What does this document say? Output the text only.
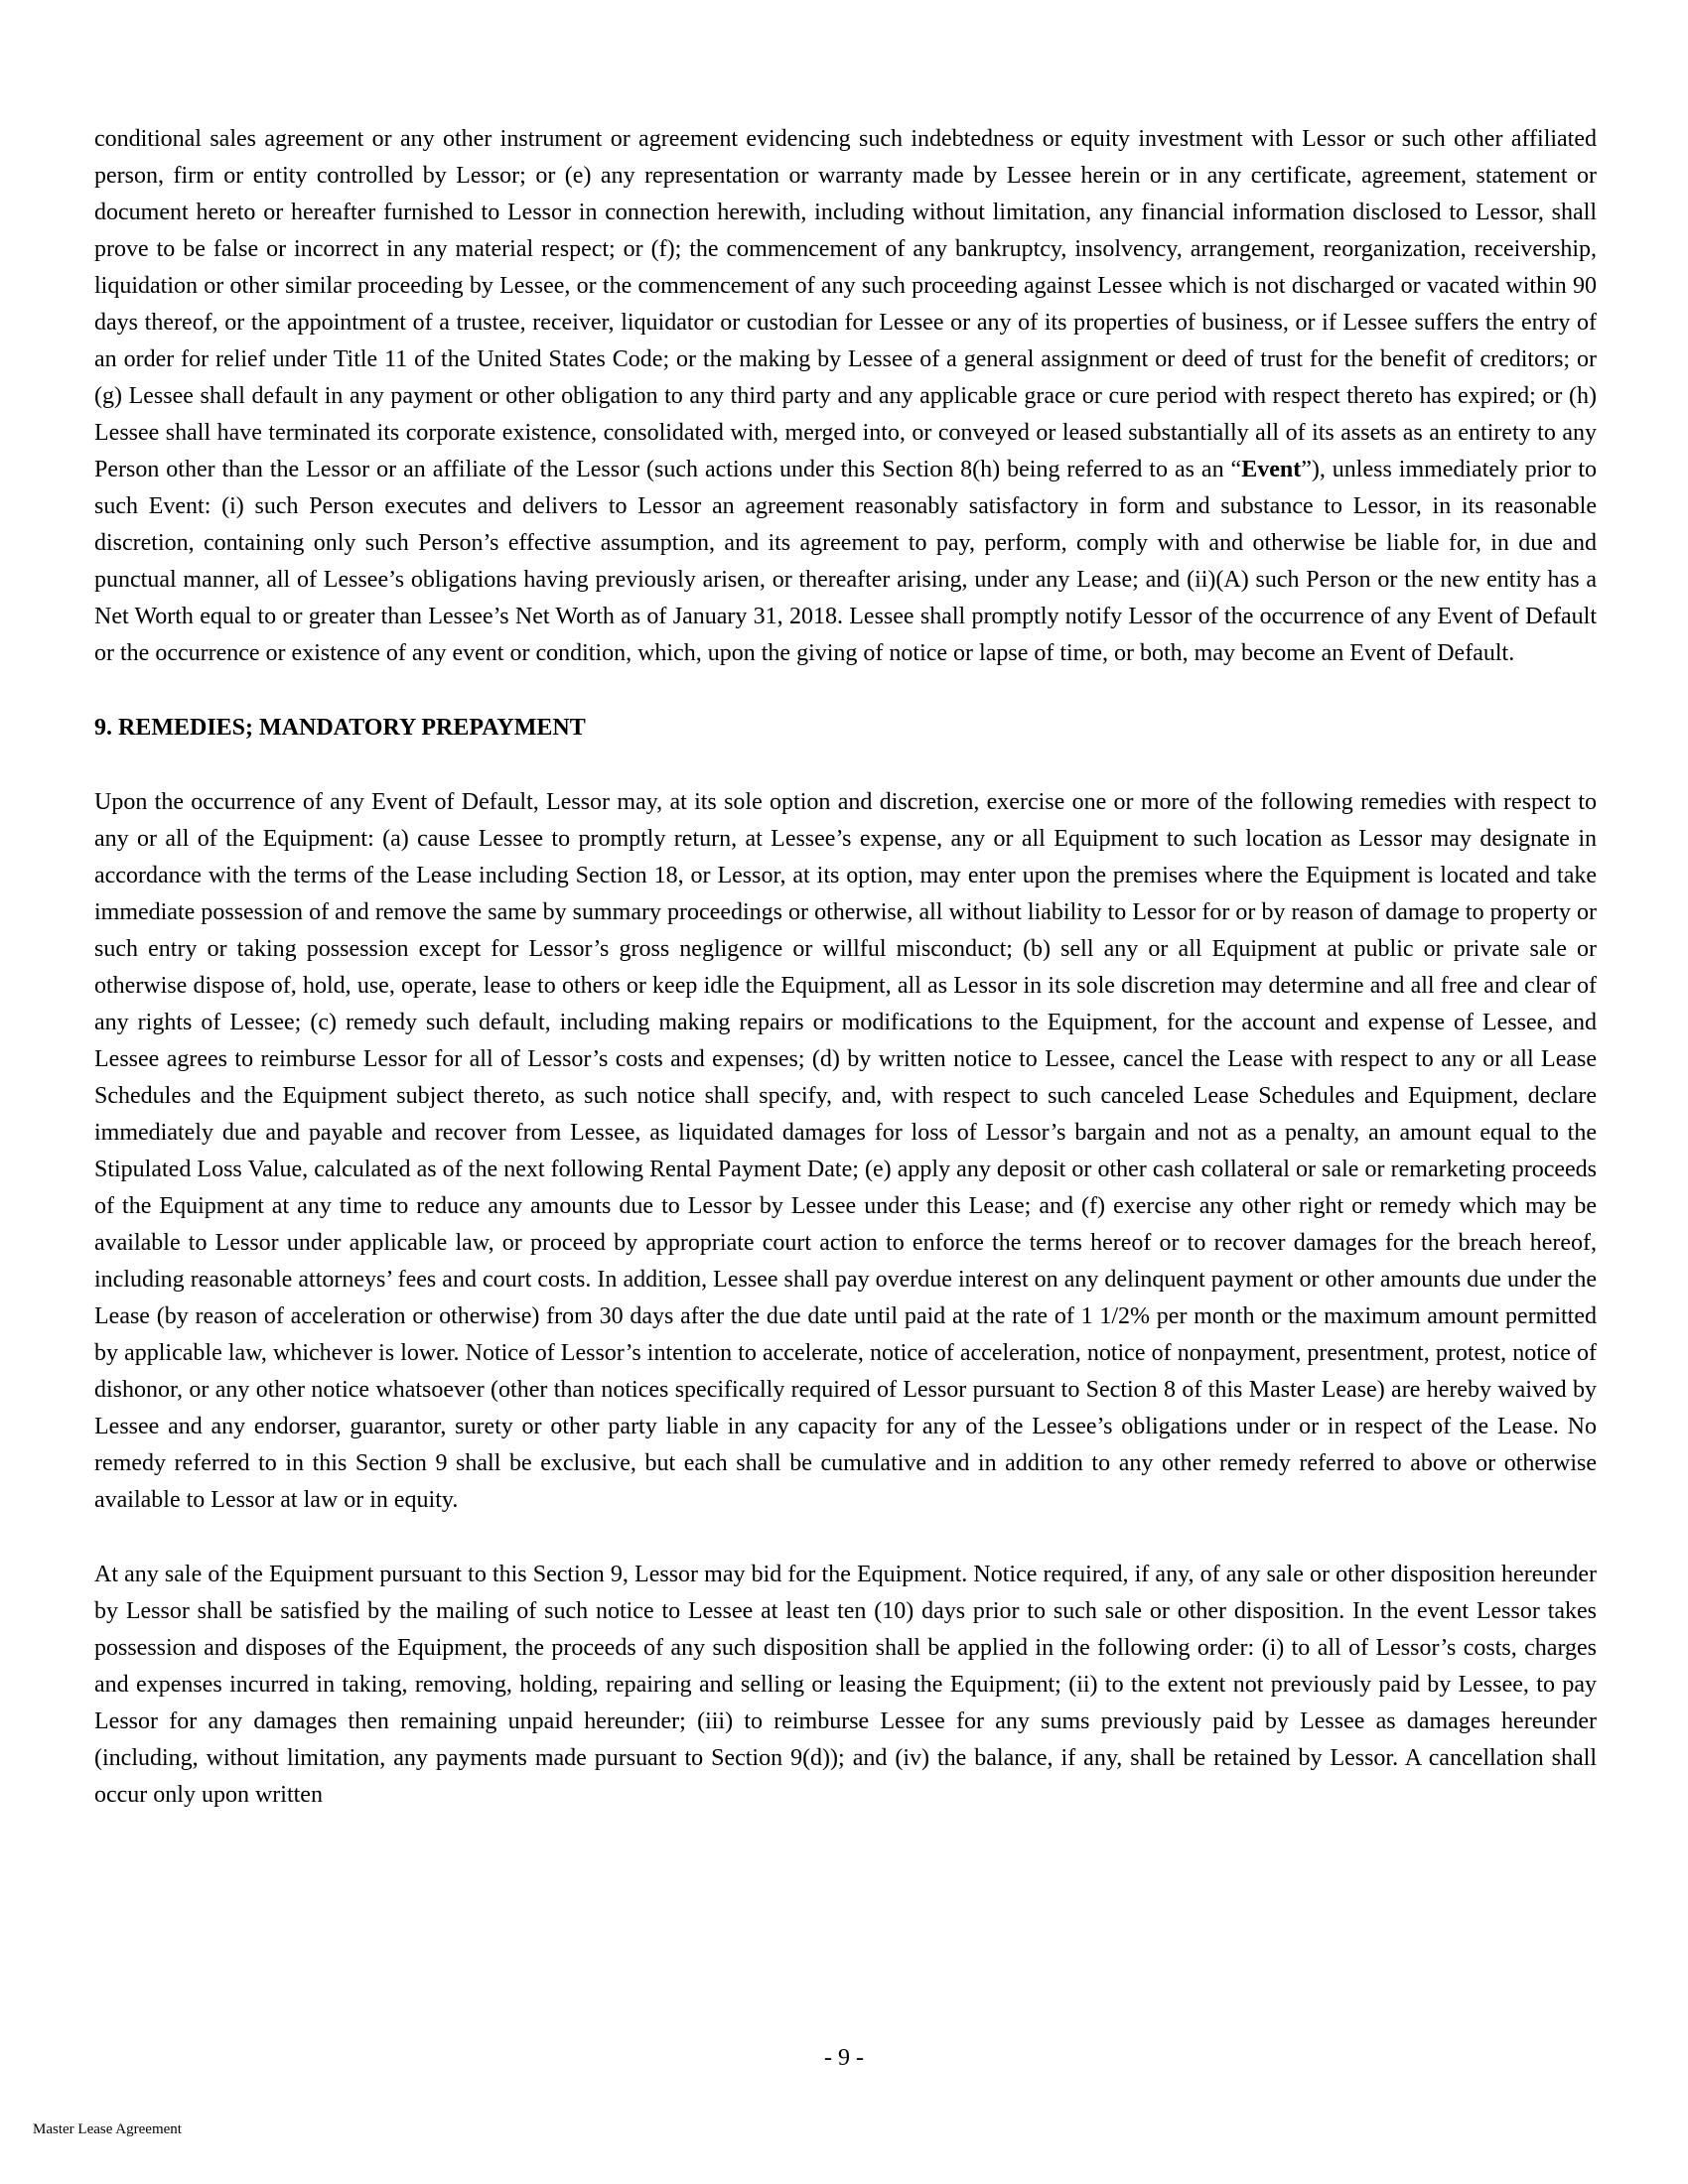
conditional sales agreement or any other instrument or agreement evidencing such indebtedness or equity investment with Lessor or such other affiliated person, firm or entity controlled by Lessor; or (e) any representation or warranty made by Lessee herein or in any certificate, agreement, statement or document hereto or hereafter furnished to Lessor in connection herewith, including without limitation, any financial information disclosed to Lessor, shall prove to be false or incorrect in any material respect; or (f); the commencement of any bankruptcy, insolvency, arrangement, reorganization, receivership, liquidation or other similar proceeding by Lessee, or the commencement of any such proceeding against Lessee which is not discharged or vacated within 90 days thereof, or the appointment of a trustee, receiver, liquidator or custodian for Lessee or any of its properties of business, or if Lessee suffers the entry of an order for relief under Title 11 of the United States Code; or the making by Lessee of a general assignment or deed of trust for the benefit of creditors; or (g) Lessee shall default in any payment or other obligation to any third party and any applicable grace or cure period with respect thereto has expired; or (h) Lessee shall have terminated its corporate existence, consolidated with, merged into, or conveyed or leased substantially all of its assets as an entirety to any Person other than the Lessor or an affiliate of the Lessor (such actions under this Section 8(h) being referred to as an “Event”), unless immediately prior to such Event: (i) such Person executes and delivers to Lessor an agreement reasonably satisfactory in form and substance to Lessor, in its reasonable discretion, containing only such Person’s effective assumption, and its agreement to pay, perform, comply with and otherwise be liable for, in due and punctual manner, all of Lessee’s obligations having previously arisen, or thereafter arising, under any Lease; and (ii)(A) such Person or the new entity has a Net Worth equal to or greater than Lessee’s Net Worth as of January 31, 2018. Lessee shall promptly notify Lessor of the occurrence of any Event of Default or the occurrence or existence of any event or condition, which, upon the giving of notice or lapse of time, or both, may become an Event of Default.

9. REMEDIES; MANDATORY PREPAYMENT

Upon the occurrence of any Event of Default, Lessor may, at its sole option and discretion, exercise one or more of the following remedies with respect to any or all of the Equipment: (a) cause Lessee to promptly return, at Lessee’s expense, any or all Equipment to such location as Lessor may designate in accordance with the terms of the Lease including Section 18, or Lessor, at its option, may enter upon the premises where the Equipment is located and take immediate possession of and remove the same by summary proceedings or otherwise, all without liability to Lessor for or by reason of damage to property or such entry or taking possession except for Lessor’s gross negligence or willful misconduct; (b) sell any or all Equipment at public or private sale or otherwise dispose of, hold, use, operate, lease to others or keep idle the Equipment, all as Lessor in its sole discretion may determine and all free and clear of any rights of Lessee; (c) remedy such default, including making repairs or modifications to the Equipment, for the account and expense of Lessee, and Lessee agrees to reimburse Lessor for all of Lessor’s costs and expenses; (d) by written notice to Lessee, cancel the Lease with respect to any or all Lease Schedules and the Equipment subject thereto, as such notice shall specify, and, with respect to such canceled Lease Schedules and Equipment, declare immediately due and payable and recover from Lessee, as liquidated damages for loss of Lessor’s bargain and not as a penalty, an amount equal to the Stipulated Loss Value, calculated as of the next following Rental Payment Date; (e) apply any deposit or other cash collateral or sale or remarketing proceeds of the Equipment at any time to reduce any amounts due to Lessor by Lessee under this Lease; and (f) exercise any other right or remedy which may be available to Lessor under applicable law, or proceed by appropriate court action to enforce the terms hereof or to recover damages for the breach hereof, including reasonable attorneys’ fees and court costs. In addition, Lessee shall pay overdue interest on any delinquent payment or other amounts due under the Lease (by reason of acceleration or otherwise) from 30 days after the due date until paid at the rate of 1 1/2% per month or the maximum amount permitted by applicable law, whichever is lower. Notice of Lessor’s intention to accelerate, notice of acceleration, notice of nonpayment, presentment, protest, notice of dishonor, or any other notice whatsoever (other than notices specifically required of Lessor pursuant to Section 8 of this Master Lease) are hereby waived by Lessee and any endorser, guarantor, surety or other party liable in any capacity for any of the Lessee’s obligations under or in respect of the Lease. No remedy referred to in this Section 9 shall be exclusive, but each shall be cumulative and in addition to any other remedy referred to above or otherwise available to Lessor at law or in equity.

At any sale of the Equipment pursuant to this Section 9, Lessor may bid for the Equipment. Notice required, if any, of any sale or other disposition hereunder by Lessor shall be satisfied by the mailing of such notice to Lessee at least ten (10) days prior to such sale or other disposition. In the event Lessor takes possession and disposes of the Equipment, the proceeds of any such disposition shall be applied in the following order: (i) to all of Lessor’s costs, charges and expenses incurred in taking, removing, holding, repairing and selling or leasing the Equipment; (ii) to the extent not previously paid by Lessee, to pay Lessor for any damages then remaining unpaid hereunder; (iii) to reimburse Lessee for any sums previously paid by Lessee as damages hereunder (including, without limitation, any payments made pursuant to Section 9(d)); and (iv) the balance, if any, shall be retained by Lessor. A cancellation shall occur only upon written

- 9 -
Master Lease Agreement
